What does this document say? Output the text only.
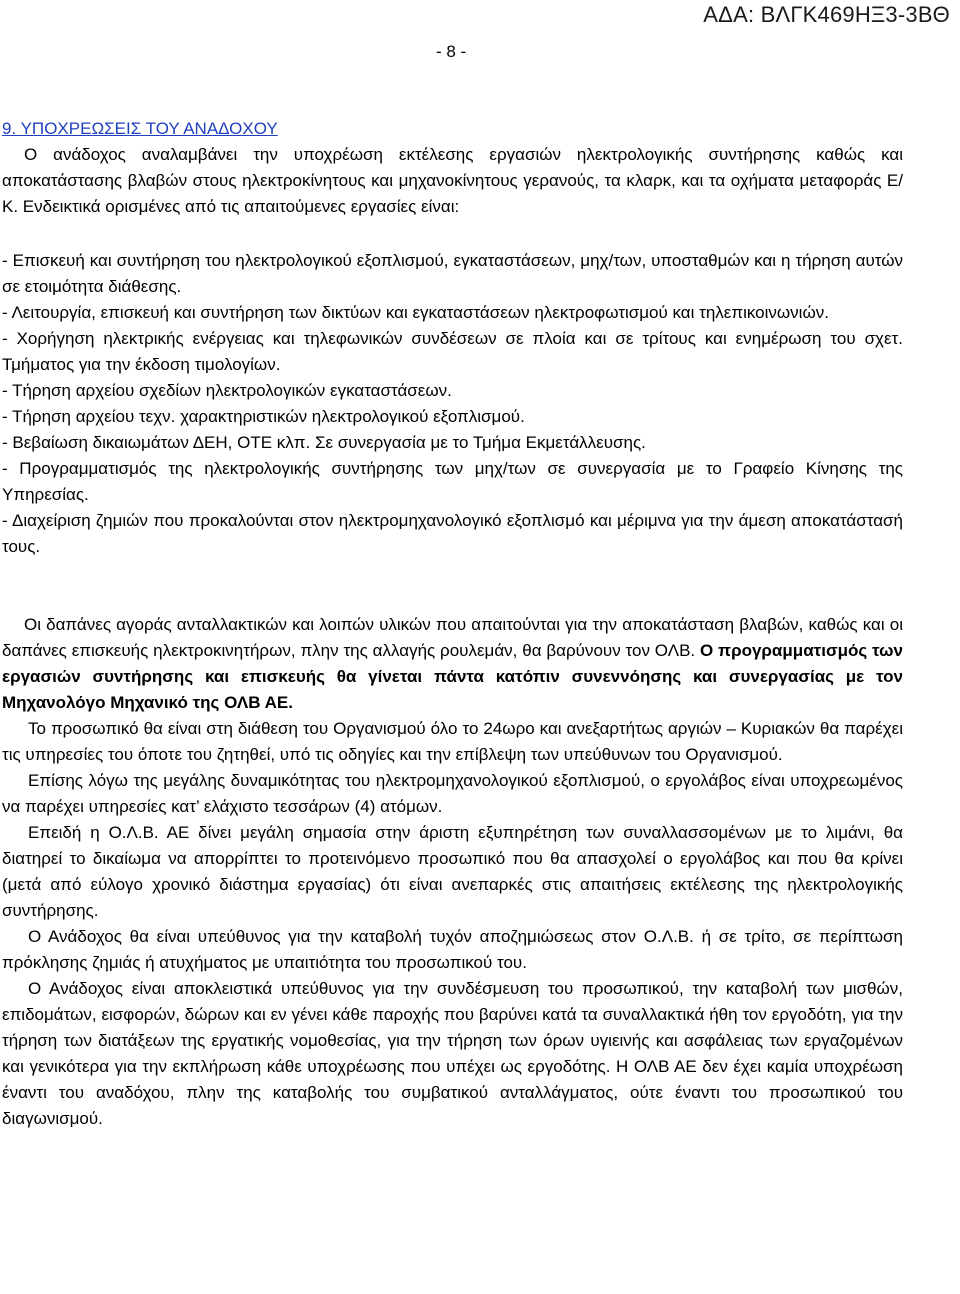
ΑΔΑ: ΒΛΓΚ469ΗΞ3-3ΒΘ
- 8 -
9. ΥΠΟΧΡΕΩΣΕΙΣ ΤΟΥ ΑΝΑΔΟΧΟΥ

Ο ανάδοχος αναλαμβάνει την υποχρέωση εκτέλεσης εργασιών ηλεκτρολογικής συντήρησης καθώς και αποκατάστασης βλαβών στους ηλεκτροκίνητους και μηχανοκίνητους γερανούς, τα κλαρκ, και τα οχήματα μεταφοράς Ε/Κ. Ενδεικτικά ορισμένες από τις απαιτούμενες εργασίες είναι:

- Επισκευή και συντήρηση του ηλεκτρολογικού εξοπλισμού, εγκαταστάσεων, μηχ/των, υποσταθμών και η τήρηση αυτών σε ετοιμότητα διάθεσης.
- Λειτουργία, επισκευή και συντήρηση των δικτύων και εγκαταστάσεων ηλεκτροφωτισμού και τηλεπικοινωνιών.
- Χορήγηση ηλεκτρικής ενέργειας και τηλεφωνικών συνδέσεων σε πλοία και σε τρίτους και ενημέρωση του σχετ. Τμήματος για την έκδοση τιμολογίων.
- Τήρηση αρχείου σχεδίων ηλεκτρολογικών εγκαταστάσεων.
- Τήρηση αρχείου τεχν. χαρακτηριστικών ηλεκτρολογικού εξοπλισμού.
- Βεβαίωση δικαιωμάτων ΔΕΗ, ΟΤΕ κλπ. Σε συνεργασία με το Τμήμα Εκμετάλλευσης.
- Προγραμματισμός της ηλεκτρολογικής συντήρησης των μηχ/των σε συνεργασία με το Γραφείο Κίνησης της Υπηρεσίας.
- Διαχείριση ζημιών που προκαλούνται στον ηλεκτρομηχανολογικό εξοπλισμό και μέριμνα για την άμεση αποκατάστασή τους.

Οι δαπάνες αγοράς ανταλλακτικών και λοιπών υλικών που απαιτούνται για την αποκατάσταση βλαβών, καθώς και οι δαπάνες επισκευής ηλεκτροκινητήρων, πλην της αλλαγής ρουλεμάν, θα βαρύνουν τον ΟΛΒ. Ο προγραμματισμός των εργασιών συντήρησης και επισκευής θα γίνεται πάντα κατόπιν συνεννόησης και συνεργασίας με τον Μηχανολόγο Μηχανικό της ΟΛΒ ΑΕ.

Το προσωπικό θα είναι στη διάθεση του Οργανισμού όλο το 24ωρο και ανεξαρτήτως αργιών – Κυριακών θα παρέχει τις υπηρεσίες του όποτε του ζητηθεί, υπό τις οδηγίες και την επίβλεψη των υπεύθυνων του Οργανισμού.

Επίσης λόγω της μεγάλης δυναμικότητας του ηλεκτρομηχανολογικού εξοπλισμού, ο εργολάβος είναι υποχρεωμένος να παρέχει υπηρεσίες κατ’ ελάχιστο τεσσάρων (4) ατόμων.

Επειδή η Ο.Λ.Β. ΑΕ δίνει μεγάλη σημασία στην άριστη εξυπηρέτηση των συναλλασσομένων με το λιμάνι, θα διατηρεί το δικαίωμα να απορρίπτει το προτεινόμενο προσωπικό που θα απασχολεί ο εργολάβος και που θα κρίνει (μετά από εύλογο χρονικό διάστημα εργασίας) ότι είναι ανεπαρκές στις απαιτήσεις εκτέλεσης της ηλεκτρολογικής συντήρησης.

Ο Ανάδοχος θα είναι υπεύθυνος για την καταβολή τυχόν αποζημιώσεως στον Ο.Λ.Β. ή σε τρίτο, σε περίπτωση πρόκλησης ζημιάς ή ατυχήματος με υπαιτιότητα του προσωπικού του.

Ο Ανάδοχος είναι αποκλειστικά υπεύθυνος για την συνδέσμευση του προσωπικού, την καταβολή των μισθών, επιδομάτων, εισφορών, δώρων και εν γένει κάθε παροχής που βαρύνει κατά τα συναλλακτικά ήθη τον εργοδότη, για την τήρηση των διατάξεων της εργατικής νομοθεσίας, για την τήρηση των όρων υγιεινής και ασφάλειας των εργαζομένων και γενικότερα για την εκπλήρωση κάθε υποχρέωσης που υπέχει ως εργοδότης. Η ΟΛΒ ΑΕ δεν έχει καμία υποχρέωση έναντι του αναδόχου, πλην της καταβολής του συμβατικού ανταλλάγματος, ούτε έναντι του προσωπικού του διαγωνισμού.
